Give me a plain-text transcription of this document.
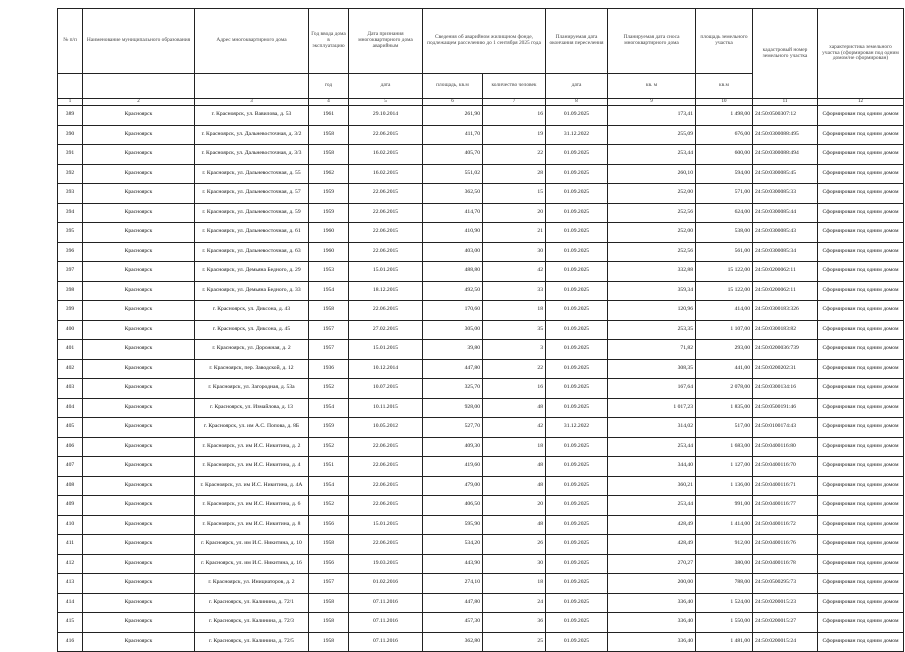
№ п/п	Наименование муниципального образования	Адрес многоквартирного дома	Год ввода дома в эксплуатацию	Дата признания многоквартирного дома аварийным	Сведения об аварийном жилищном фонде, подлежащем расселению до 1 сентября 2025 года		Планируемая дата окончания переселения	Планируемая дата сноса многоквартирного дома	площадь земельного участка	кадастровый номер земельного участка	характеристика земельного участка (сформирован под одним домом/не сформирован)
			год	дата	площадь, кв.м	количество человек	дата	кв. м	кв.м		
1	2	3	4	5	6	7	8	9	10	11	12
389	Красноярск	г. Красноярск, ул. Вавилова, д. 53	1961	29.10.2014	261,90	16	01.09.2025	173,41	1 498,00	24:50:0500307:12	Сформирован под одним домом
390	Красноярск	г. Красноярск, ул. Дальневосточная, д. 3/2	1958	22.06.2015	411,70	19	31.12.2022	255,09	676,00	24:50:0300088:495	Сформирован под одним домом
391	Красноярск	г. Красноярск, ул. Дальневосточная, д. 3/3	1958	16.02.2015	405,70	22	01.09.2025	253,44	600,00	24:50:0300088:494	Сформирован под одним домом
392	Красноярск	г. Красноярск, ул. Дальневосточная, д. 55	1962	16.02.2015	551,02	28	01.09.2025	260,10	594,00	24:50:0300085:45	Сформирован под одним домом
393	Красноярск	г. Красноярск, ул. Дальневосточная, д. 57	1959	22.06.2015	362,50	15	01.09.2025	252,00	571,00	24:50:0300085:33	Сформирован под одним домом
394	Красноярск	г. Красноярск, ул. Дальневосточная, д. 59	1959	22.06.2015	414,70	20	01.09.2025	252,56	624,00	24:50:0300085:44	Сформирован под одним домом
395	Красноярск	г. Красноярск, ул. Дальневосточная, д. 61	1960	22.06.2015	410,90	21	01.09.2025	252,00	538,00	24:50:0300085:43	Сформирован под одним домом
396	Красноярск	г. Красноярск, ул. Дальневосточная, д. 63	1960	22.06.2015	403,00	30	01.09.2025	252,56	561,00	24:50:0300085:34	Сформирован под одним домом
397	Красноярск	г. Красноярск, ул. Демьяна Бедного, д. 29	1953	15.01.2015	488,80	42	01.09.2025	332,88	15 122,00	24:50:0200062:11	Сформирован под одним домом
398	Красноярск	г. Красноярск, ул. Демьяна Бедного, д. 33	1954	18.12.2015	492,50	33	01.09.2025	359,34	15 122,00	24:50:0200062:11	Сформирован под одним домом
399	Красноярск	г. Красноярск, ул. Диксона, д. 43	1958	22.06.2015	170,60	18	01.09.2025	120,96	414,00	24:50:0300183:326	Сформирован под одним домом
400	Красноярск	г. Красноярск, ул. Диксона, д. 45	1957	27.02.2015	305,00	35	01.09.2025	253,35	1 107,00	24:50:0300183:82	Сформирован под одним домом
401	Красноярск	г. Красноярск, ул. Дорожная, д. 2	1957	15.01.2015	39,80	3	01.09.2025	71,82	293,00	24:50:0200036:739	Сформирован под одним домом
402	Красноярск	г. Красноярск, пер. Заводской, д. 12	1936	10.12.2014	447,80	22	01.09.2025	308,35	441,00	24:50:0200202:31	Сформирован под одним домом
403	Красноярск	г. Красноярск, ул. Загородная, д. 53а	1952	10.07.2015	325,70	16	01.09.2025	167,64	2 078,00	24:50:0300134:16	Сформирован под одним домом
404	Красноярск	г. Красноярск, ул. Измайлова, д. 13	1954	10.11.2015	928,00	48	01.09.2025	1 017,23	1 835,00	24:50:0500191:46	Сформирован под одним домом
405	Красноярск	г. Красноярск, ул. им А.С. Попова, д. 8Б	1959	10.05.2012	527,70	42	31.12.2022	314,02	517,00	24:50:0100174:43	Сформирован под одним домом
406	Красноярск	г. Красноярск, ул. им И.С. Никитина, д. 2	1952	22.06.2015	409,30	18	01.09.2025	253,44	1 683,00	24:50:0400116:80	Сформирован под одним домом
407	Красноярск	г. Красноярск, ул. им И.С. Никитина, д. 4	1951	22.06.2015	419,60	48	01.09.2025	344,40	1 127,00	24:50:0400116:70	Сформирован под одним домом
408	Красноярск	г. Красноярск, ул. им И.С. Никитина, д. 4А	1954	22.06.2015	479,00	48	01.09.2025	360,21	1 136,00	24:50:0400116:71	Сформирован под одним домом
409	Красноярск	г. Красноярск, ул. им И.С. Никитина, д. 6	1952	22.06.2015	406,50	20	01.09.2025	253,44	991,00	24:50:0400116:77	Сформирован под одним домом
410	Красноярск	г. Красноярск, ул. им И.С. Никитина, д. 8	1956	15.01.2015	595,90	48	01.09.2025	428,49	1 414,00	24:50:0400116:72	Сформирован под одним домом
411	Красноярск	г. Красноярск, ул. им И.С. Никитина, д. 10	1958	22.06.2015	534,20	26	01.09.2025	428,49	912,00	24:50:0400116:76	Сформирован под одним домом
412	Красноярск	г. Красноярск, ул. им И.С. Никитина, д. 16	1956	19.03.2015	443,90	30	01.09.2025	270,27	380,00	24:50:0400116:78	Сформирован под одним домом
413	Красноярск	г. Красноярск, ул. Инициаторов, д. 2	1957	01.02.2016	274,10	18	01.09.2025	200,00	788,00	24:50:0500295:73	Сформирован под одним домом
414	Красноярск	г. Красноярск, ул. Калинина, д. 72/1	1958	07.11.2016	447,80	24	01.09.2025	336,40	1 524,00	24:50:0200015:23	Сформирован под одним домом
415	Красноярск	г. Красноярск, ул. Калинина, д. 72/3	1958	07.11.2016	457,30	36	01.09.2025	336,40	1 550,00	24:50:0200015:27	Сформирован под одним домом
416	Красноярск	г. Красноярск, ул. Калинина, д. 72/5	1958	07.11.2016	362,80	25	01.09.2025	336,40	1 481,00	24:50:0200015:24	Сформирован под одним домом
